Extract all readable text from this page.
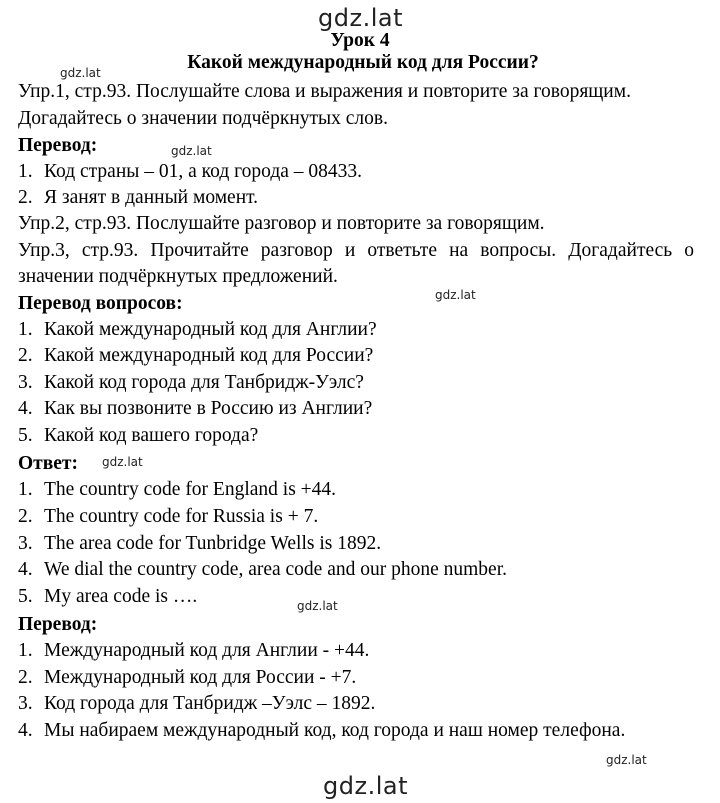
gdz.lat
gdz.lat
gdz.lat
gdz.lat
gdz.lat
gdz.lat
gdz.lat
gdz.lat
Урок 4
Какой международный код для России?
Упр.1, стр.93. Послушайте слова и выражения и повторите за говорящим.
Догадайтесь о значении подчёркнутых слов.
Перевод:
1. Код страны – 01, а код города – 08433.
2. Я занят в данный момент.
Упр.2, стр.93. Послушайте разговор и повторите за говорящим.
Упр.3, стр.93. Прочитайте разговор и ответьте на вопросы. Догадайтесь о
значении подчёркнутых предложений.
Перевод вопросов:
1. Какой международный код для Англии?
2. Какой международный код для России?
3. Какой код города для Танбридж-Уэлс?
4. Как вы позвоните в Россию из Англии?
5. Какой код вашего города?
Ответ:
1. The country code for England is +44.
2. The country code for Russia is + 7.
3. The area code for Tunbridge Wells is 1892.
4. We dial the country code, area code and our phone number.
5. My area code is ….
Перевод:
1. Международный код для Англии - +44.
2. Международный код для России - +7.
3. Код города для Танбридж –Уэлс – 1892.
4. Мы набираем международный код, код города и наш номер телефона.
